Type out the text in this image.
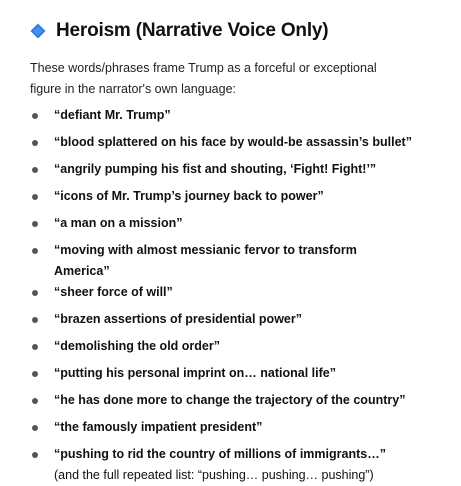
Heroism (Narrative Voice Only)

These words/phrases frame Trump as a forceful or exceptional figure in the narrator's own language:

“defiant Mr. Trump”
“blood splattered on his face by would-be assassin’s bullet”
“angrily pumping his fist and shouting, ‘Fight! Fight!’”
“icons of Mr. Trump’s journey back to power”
“a man on a mission”
“moving with almost messianic fervor to transform America”
“sheer force of will”
“brazen assertions of presidential power”
“demolishing the old order”
“putting his personal imprint on… national life”
“he has done more to change the trajectory of the country”
“the famously impatient president”
“pushing to rid the country of millions of immigrants…” (and the full repeated list: “pushing… pushing… pushing”)
